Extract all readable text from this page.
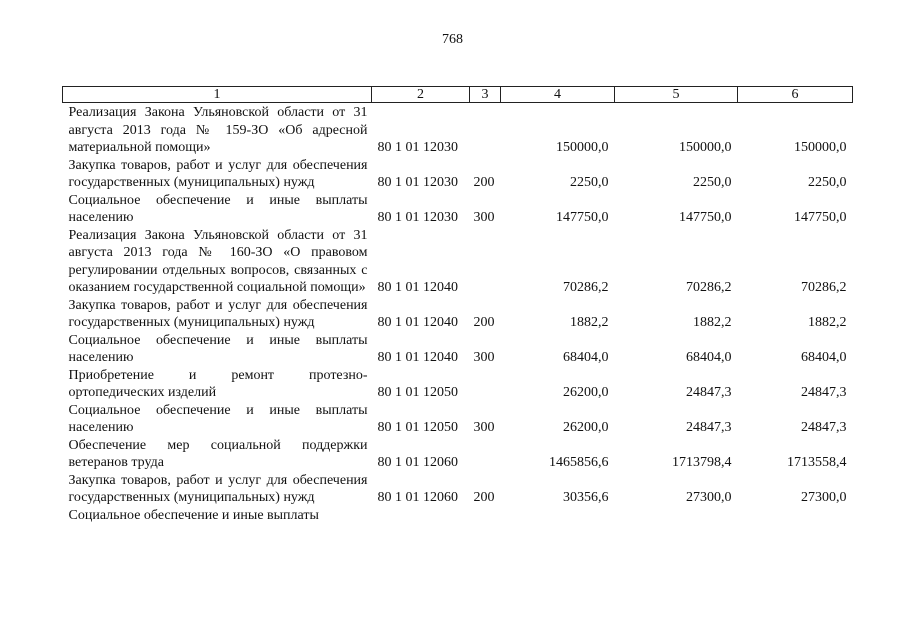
768
1	2	3	4	5	6
Реализация Закона Ульяновской области от 31 августа 2013 года № 159-ЗО «Об адресной материальной помощи»	80 1 01 12030		150000,0	150000,0	150000,0
Закупка товаров, работ и услуг для обеспечения государственных (муниципальных) нужд	80 1 01 12030	200	2250,0	2250,0	2250,0
Социальное обеспечение и иные выплаты населению	80 1 01 12030	300	147750,0	147750,0	147750,0
Реализация Закона Ульяновской области от 31 августа 2013 года № 160-ЗО «О правовом регулировании отдельных вопросов, связанных с оказанием государственной социальной помощи»	80 1 01 12040		70286,2	70286,2	70286,2
Закупка товаров, работ и услуг для обеспечения государственных (муниципальных) нужд	80 1 01 12040	200	1882,2	1882,2	1882,2
Социальное обеспечение и иные выплаты населению	80 1 01 12040	300	68404,0	68404,0	68404,0
Приобретение и ремонт протезно-ортопедических изделий	80 1 01 12050		26200,0	24847,3	24847,3
Социальное обеспечение и иные выплаты населению	80 1 01 12050	300	26200,0	24847,3	24847,3
Обеспечение мер социальной поддержки ветеранов труда	80 1 01 12060		1465856,6	1713798,4	1713558,4
Закупка товаров, работ и услуг для обеспечения государственных (муниципальных) нужд	80 1 01 12060	200	30356,6	27300,0	27300,0
Социальное обеспечение и иные выплаты					
